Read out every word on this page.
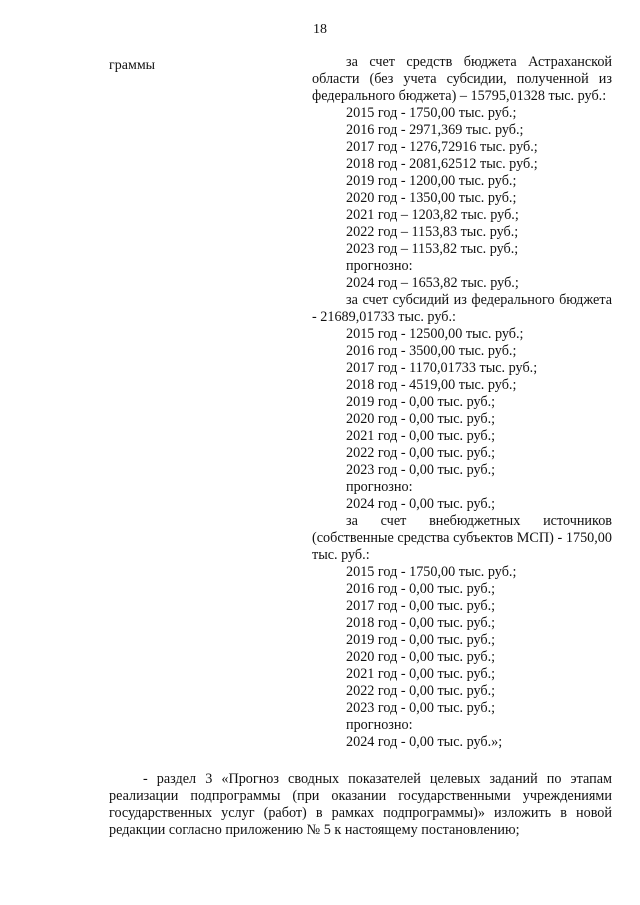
18
граммы	за счет средств бюджета Астраханской области (без учета субсидии, полученной из федерального бюджета) – 15795,01328 тыс. руб.:
2015 год - 1750,00 тыс. руб.;
2016 год - 2971,369 тыс. руб.;
2017 год - 1276,72916 тыс. руб.;
2018 год - 2081,62512 тыс. руб.;
2019 год - 1200,00 тыс. руб.;
2020 год - 1350,00 тыс. руб.;
2021 год – 1203,82 тыс. руб.;
2022 год – 1153,83 тыс. руб.;
2023 год – 1153,82 тыс. руб.;
прогнозно:
2024 год – 1653,82 тыс. руб.;
за счет субсидий из федерального бюджета - 21689,01733 тыс. руб.:
2015 год - 12500,00 тыс. руб.;
2016 год - 3500,00 тыс. руб.;
2017 год - 1170,01733 тыс. руб.;
2018 год - 4519,00 тыс. руб.;
2019 год - 0,00 тыс. руб.;
2020 год - 0,00 тыс. руб.;
2021 год - 0,00 тыс. руб.;
2022 год - 0,00 тыс. руб.;
2023 год - 0,00 тыс. руб.;
прогнозно:
2024 год - 0,00 тыс. руб.;
за счет внебюджетных источников (собственные средства субъектов МСП) - 1750,00 тыс. руб.:
2015 год - 1750,00 тыс. руб.;
2016 год - 0,00 тыс. руб.;
2017 год - 0,00 тыс. руб.;
2018 год - 0,00 тыс. руб.;
2019 год - 0,00 тыс. руб.;
2020 год - 0,00 тыс. руб.;
2021 год - 0,00 тыс. руб.;
2022 год - 0,00 тыс. руб.;
2023 год - 0,00 тыс. руб.;
прогнозно:
2024 год - 0,00 тыс. руб.»;
- раздел 3 «Прогноз сводных показателей целевых заданий по этапам реализации подпрограммы (при оказании государственными учреждениями государственных услуг (работ) в рамках подпрограммы)» изложить в новой редакции согласно приложению № 5 к настоящему постановлению;
